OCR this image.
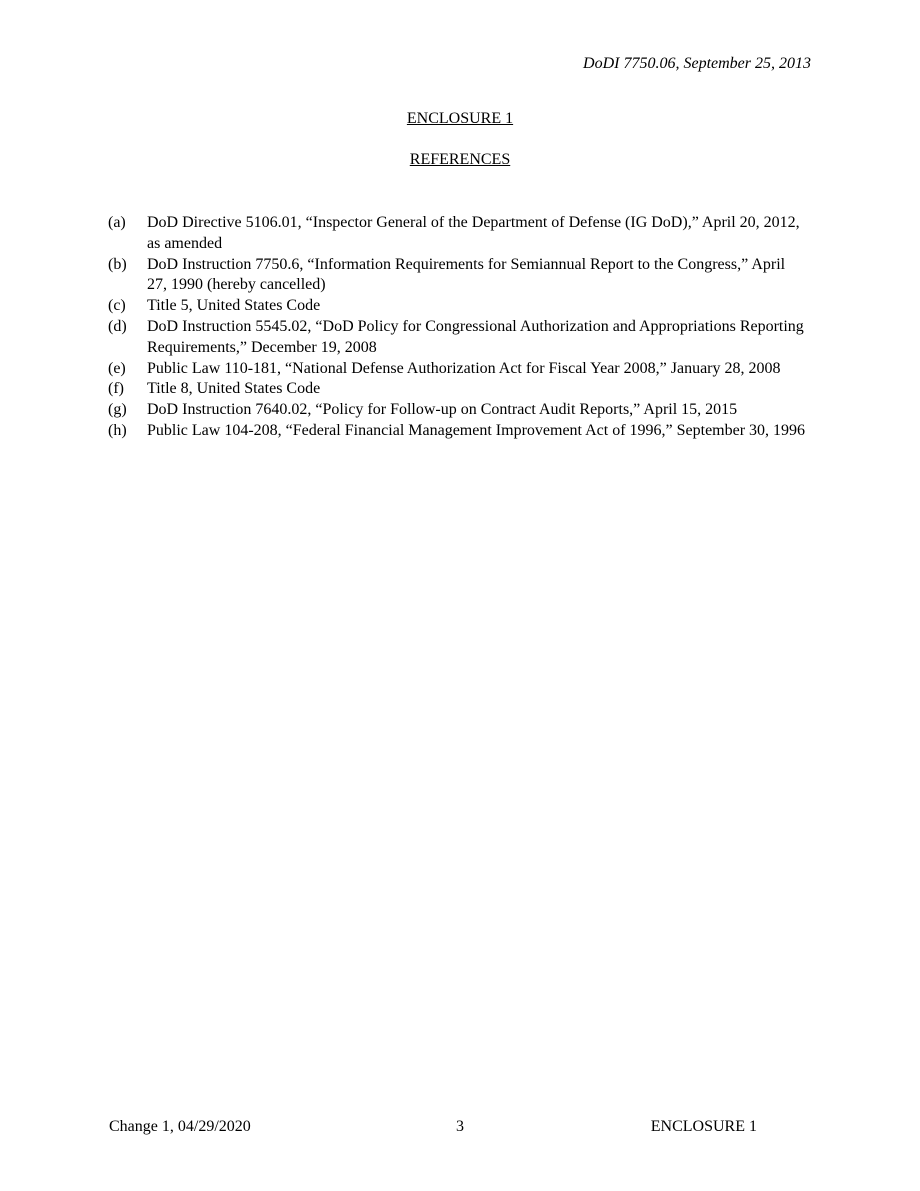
DoDI 7750.06, September 25, 2013
ENCLOSURE 1
REFERENCES
(a)	DoD Directive 5106.01, “Inspector General of the Department of Defense (IG DoD),” April 20, 2012, as amended
(b)	DoD Instruction 7750.6, “Information Requirements for Semiannual Report to the Congress,” April 27, 1990 (hereby cancelled)
(c)	Title 5, United States Code
(d)	DoD Instruction 5545.02, “DoD Policy for Congressional Authorization and Appropriations Reporting Requirements,” December 19, 2008
(e)	Public Law 110-181, “National Defense Authorization Act for Fiscal Year 2008,” January 28, 2008
(f)	Title 8, United States Code
(g)	DoD Instruction 7640.02, “Policy for Follow-up on Contract Audit Reports,” April 15, 2015
(h)	Public Law 104-208, “Federal Financial Management Improvement Act of 1996,” September 30, 1996
Change 1, 04/29/2020	3	ENCLOSURE 1
